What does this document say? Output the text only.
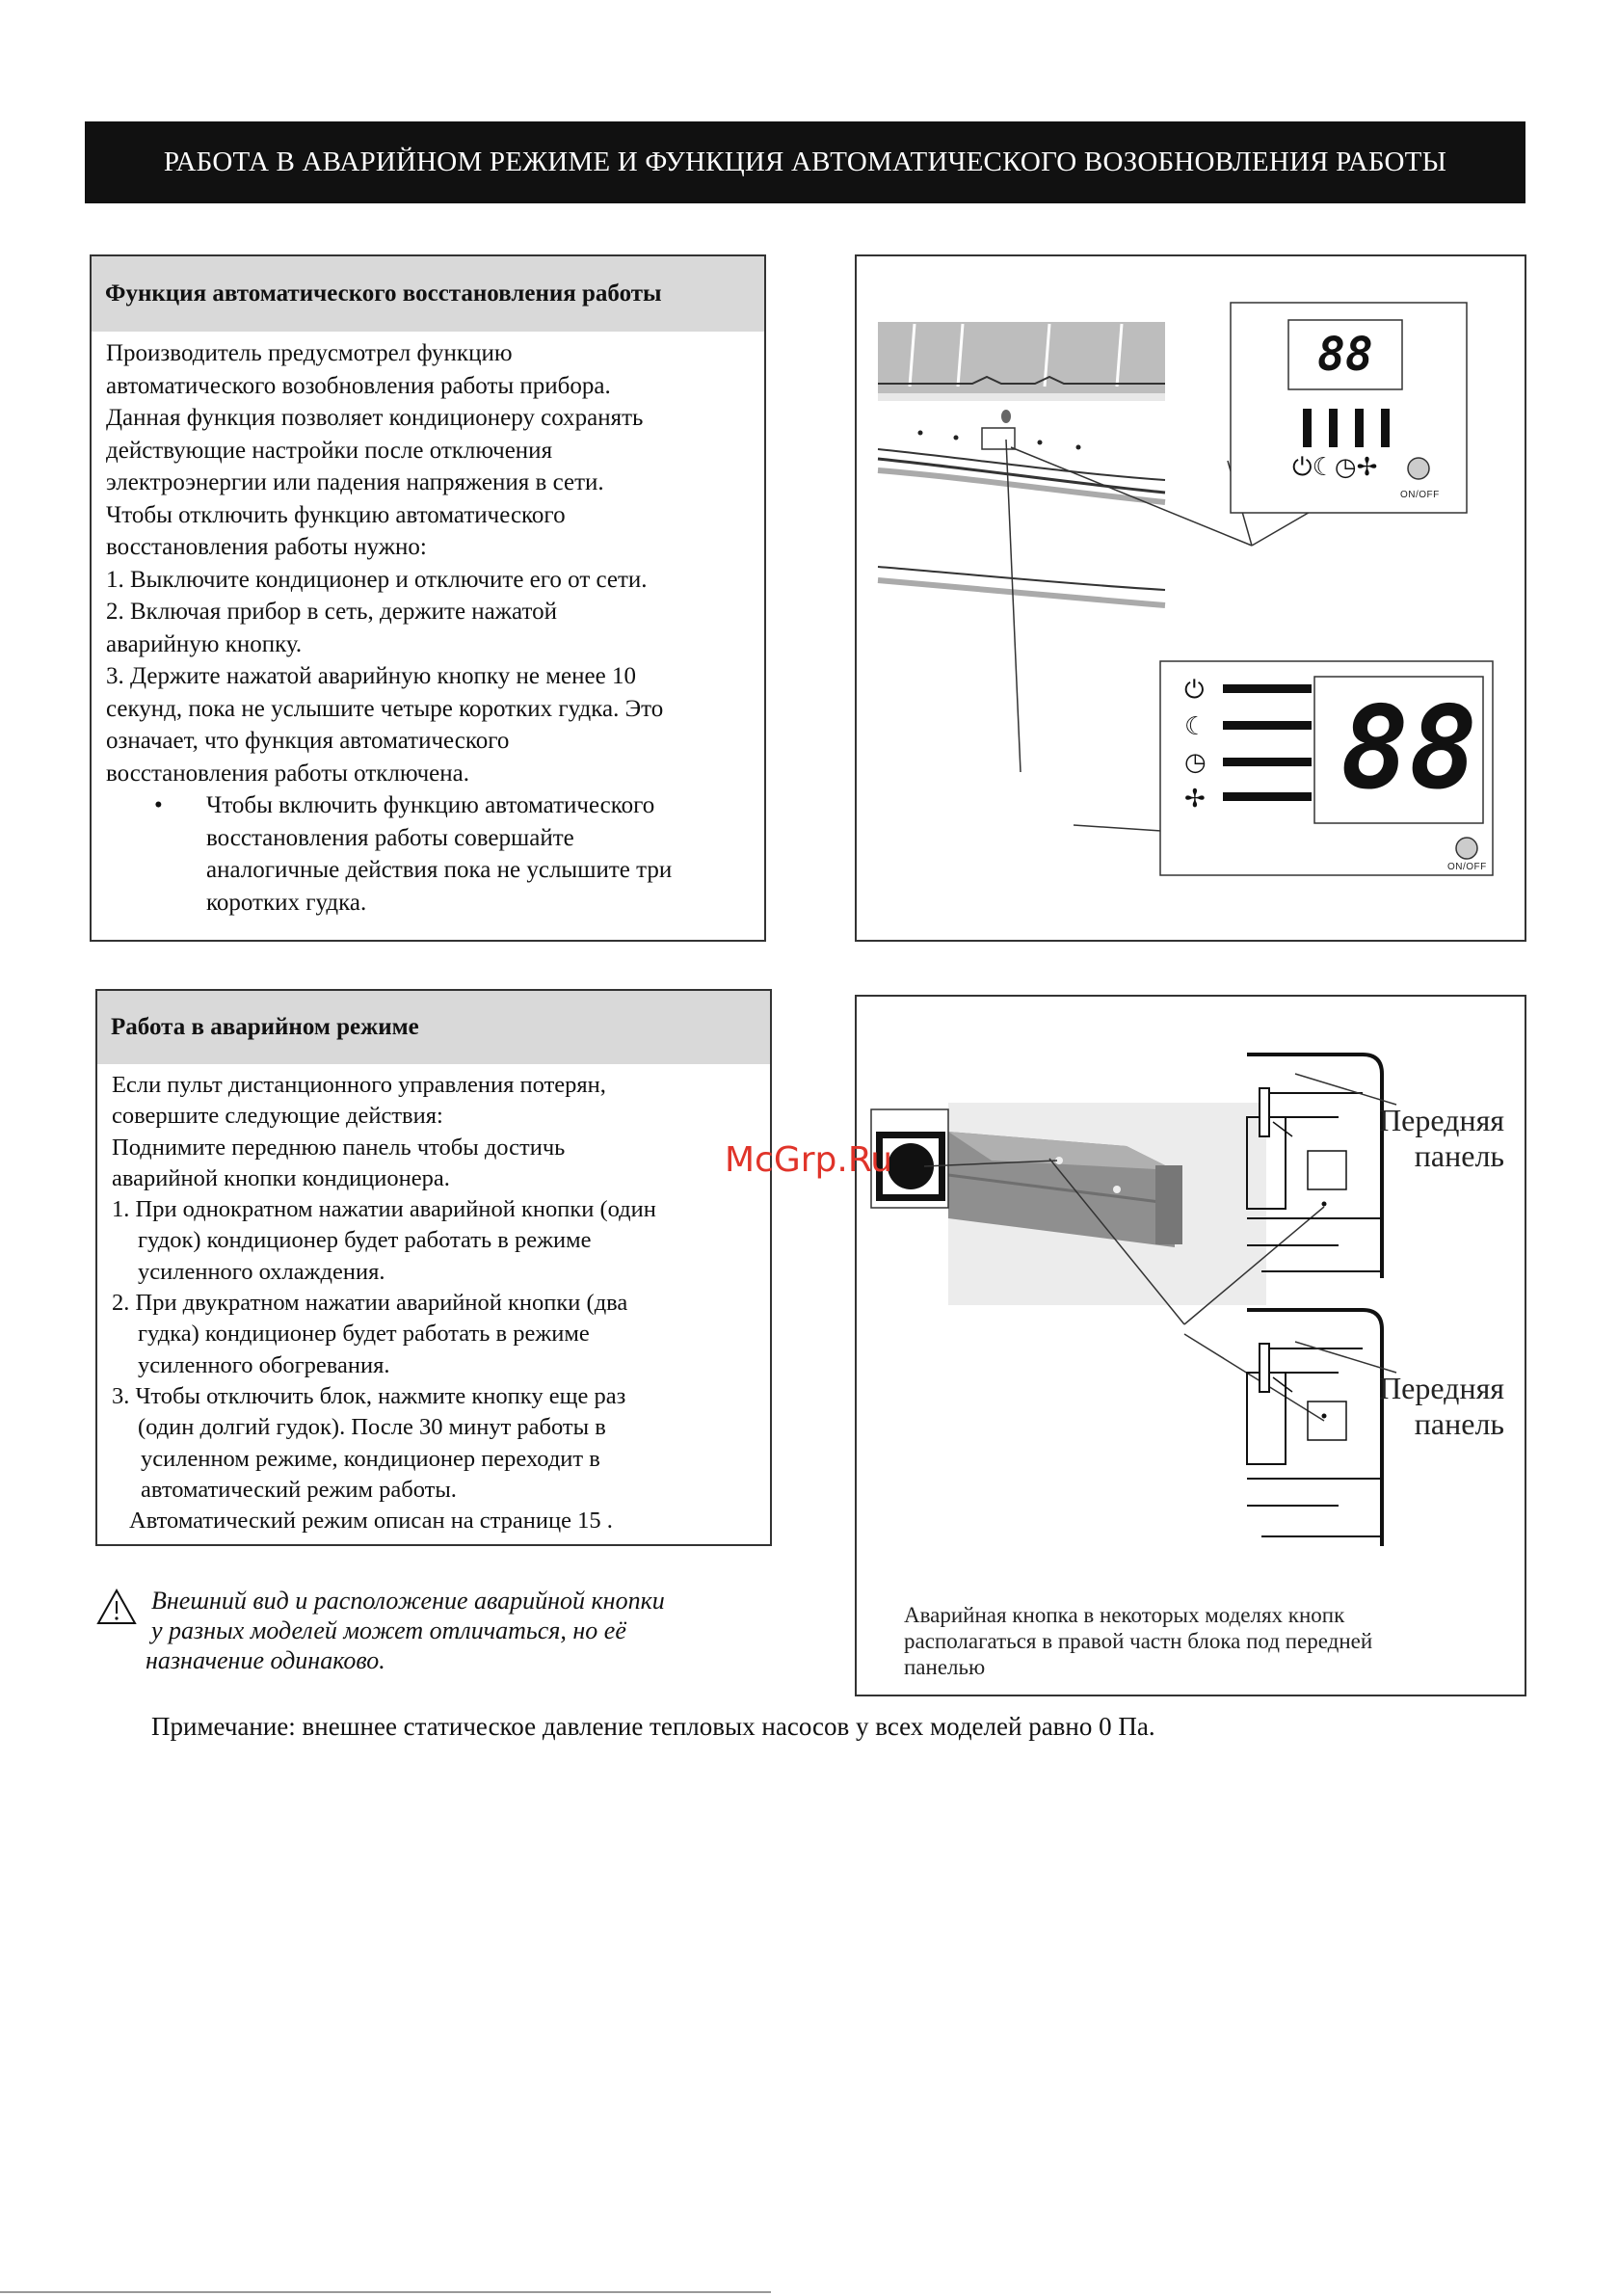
РАБОТА В АВАРИЙНОМ РЕЖИМЕ И ФУНКЦИЯ АВТОМАТИЧЕСКОГО ВОЗОБНОВЛЕНИЯ РАБОТЫ
Функция автоматического восстановления работы

Производитель предусмотрел функцию

автоматического возобновления работы прибора.

Данная функция позволяет кондиционеру сохранять

действующие настройки после отключения

электроэнергии или падения напряжения в сети.

Чтобы отключить функцию автоматического

восстановления работы нужно:

1. Выключите кондиционер и отключите его от сети.

2. Включая прибор в сеть, держите нажатой

аварийную кнопку.

3. Держите нажатой аварийную кнопку не менее 10

секунд, пока не услышите четыре коротких гудка. Это

означает, что функция автоматического

восстановления работы отключена.

• Чтобы включить функцию автоматического

восстановления работы совершайте

аналогичные действия пока не услышите три

коротких гудка.

88
⏻☾◷✢
ON/OFF
88
⏻
☾
◷
✢
ON/OFF
Работа в аварийном режиме

Если пульт дистанционного управления потерян,

совершите следующие действия:

Поднимите переднюю панель чтобы достичь

аварийной кнопки кондиционера.

1. При однократном нажатии аварийной кнопки (один

гудок) кондиционер будет работать в режиме

усиленного охлаждения.

2. При двукратном нажатии аварийной кнопки (два

гудка) кондиционер будет работать в режиме

усиленного обогревания.

3. Чтобы отключить блок, нажмите кнопку еще раз

(один долгий гудок). После 30 минут работы в

усиленном режиме, кондиционер переходит в

автоматический режим работы.

Автоматический режим описан на странице 15 .

Передняя
панель
Передняя
панель
Аварийная кнопка в некоторых моделях кнопк
располагаться в правой частн блока под передней
панелью
McGrp.Ru
Внешний вид и расположение аварийной кнопки
у разных моделей может отличаться, но её
назначение одинаково.
Примечание: внешнее статическое давление тепловых насосов у всех моделей равно 0 Па.
